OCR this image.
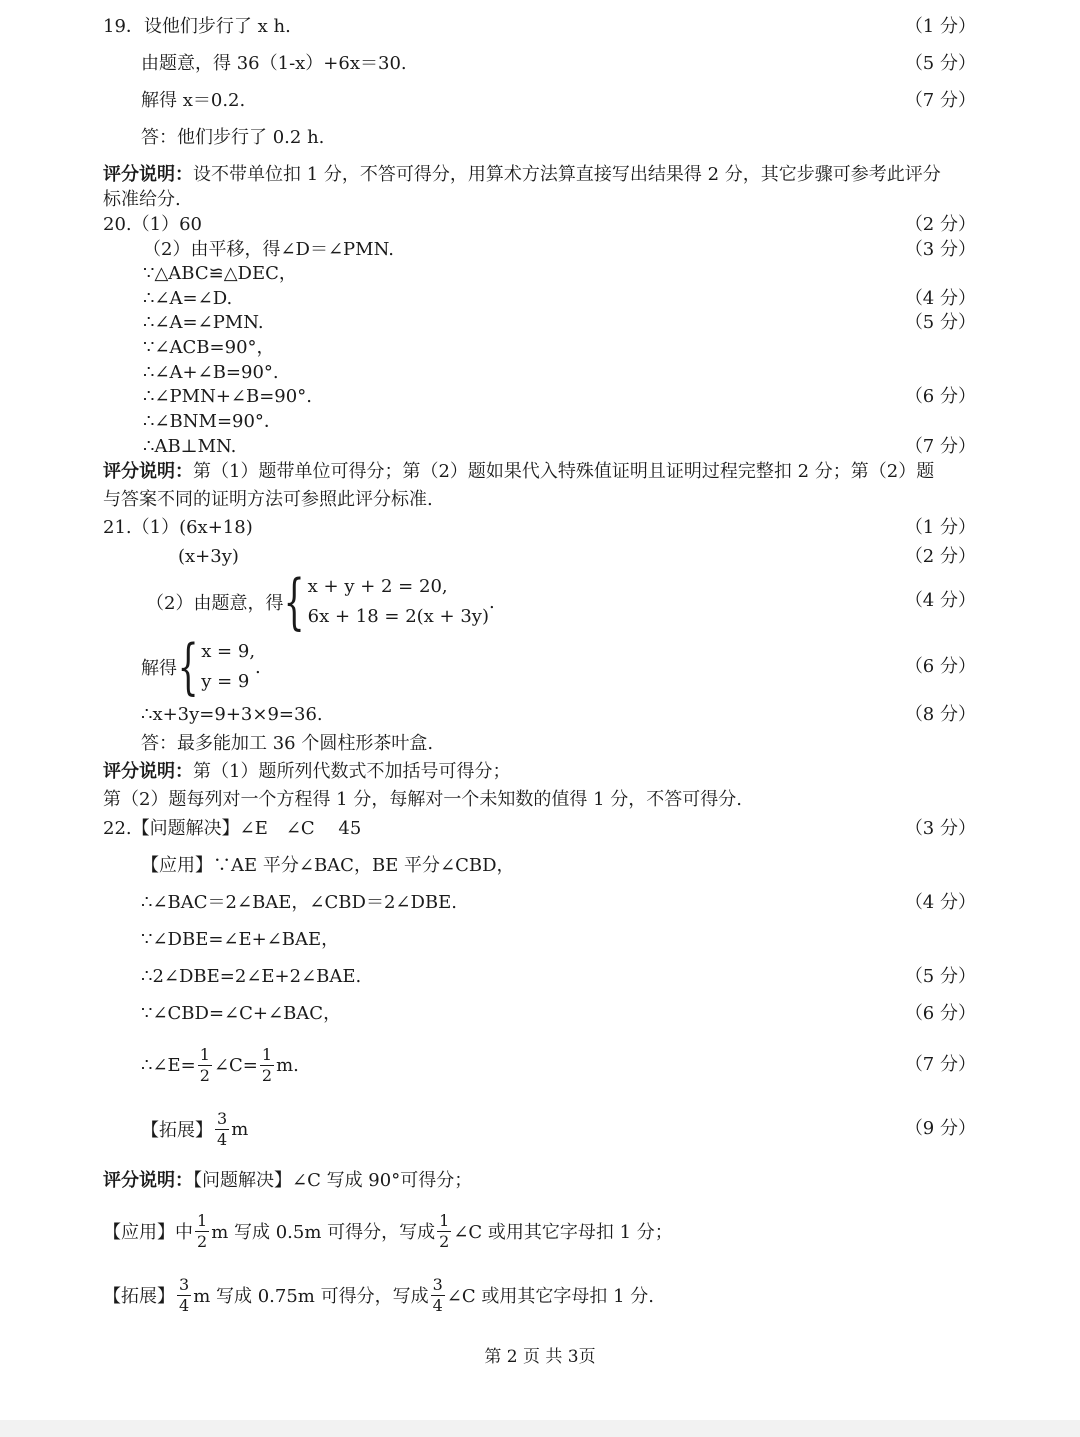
19．设他们步行了 x h.	（1 分）
由题意，得 36（1-x）+6x＝30.	（5 分）
解得 x＝0.2.	（7 分）
答：他们步行了 0.2 h.
评分说明：设不带单位扣 1 分，不答可得分，用算术方法算直接写出结果得 2 分，其它步骤可参考此评分
标准给分.
20.（1）60	（2 分）
（2）由平移，得∠D＝∠PMN.	（3 分）
∵△ABC≌△DEC，
∴∠A=∠D.	（4 分）
∴∠A=∠PMN.	（5 分）
∵∠ACB=90°，
∴∠A+∠B=90°.
∴∠PMN+∠B=90°.	（6 分）
∴∠BNM=90°．
∴AB⊥MN.	（7 分）
评分说明：第（1）题带单位可得分；第（2）题如果代入特殊值证明且证明过程完整扣 2 分；第（2）题
与答案不同的证明方法可参照此评分标准.
21.（1）(6x+18)	（1 分）
(x+3y)	（2 分）
（2）由题意，得 { x + y + 2 = 20,
6x + 18 = 2(x + 3y)
.	（4 分）
解得 { x = 9,
y = 9
.	（6 分）
∴x+3y=9+3×9=36.	（8 分）
答：最多能加工 36 个圆柱形茶叶盒.
评分说明：第（1）题所列代数式不加括号可得分；
第（2）题每列对一个方程得 1 分，每解对一个未知数的值得 1 分，不答可得分.
22.【问题解决】∠E　∠C　 45	（3 分）
【应用】∵AE 平分∠BAC，BE 平分∠CBD，
∴∠BAC＝2∠BAE，∠CBD＝2∠DBE.	（4 分）
∵∠DBE=∠E+∠BAE，
∴2∠DBE=2∠E+2∠BAE.	（5 分）
∵∠CBD=∠C+∠BAC，	（6 分）
∴∠E= $\frac{1}{2}$ ∠C= $\frac{1}{2} m$.	（7 分）
【拓展】 $\frac{3}{4}$ m	（9 分）
评分说明：【问题解决】∠C 写成 90°可得分；
【应用】中 $\frac{1}{2}$ m 写成 0.5m 可得分，写成 $\frac{1}{2}$ ∠C 或用其它字母扣 1 分；
【拓展】 $\frac{3}{4}$ m 写成 0.75m 可得分，写成 $\frac{3}{4}$ ∠C 或用其它字母扣 1 分.
第 2 页 共 3页
